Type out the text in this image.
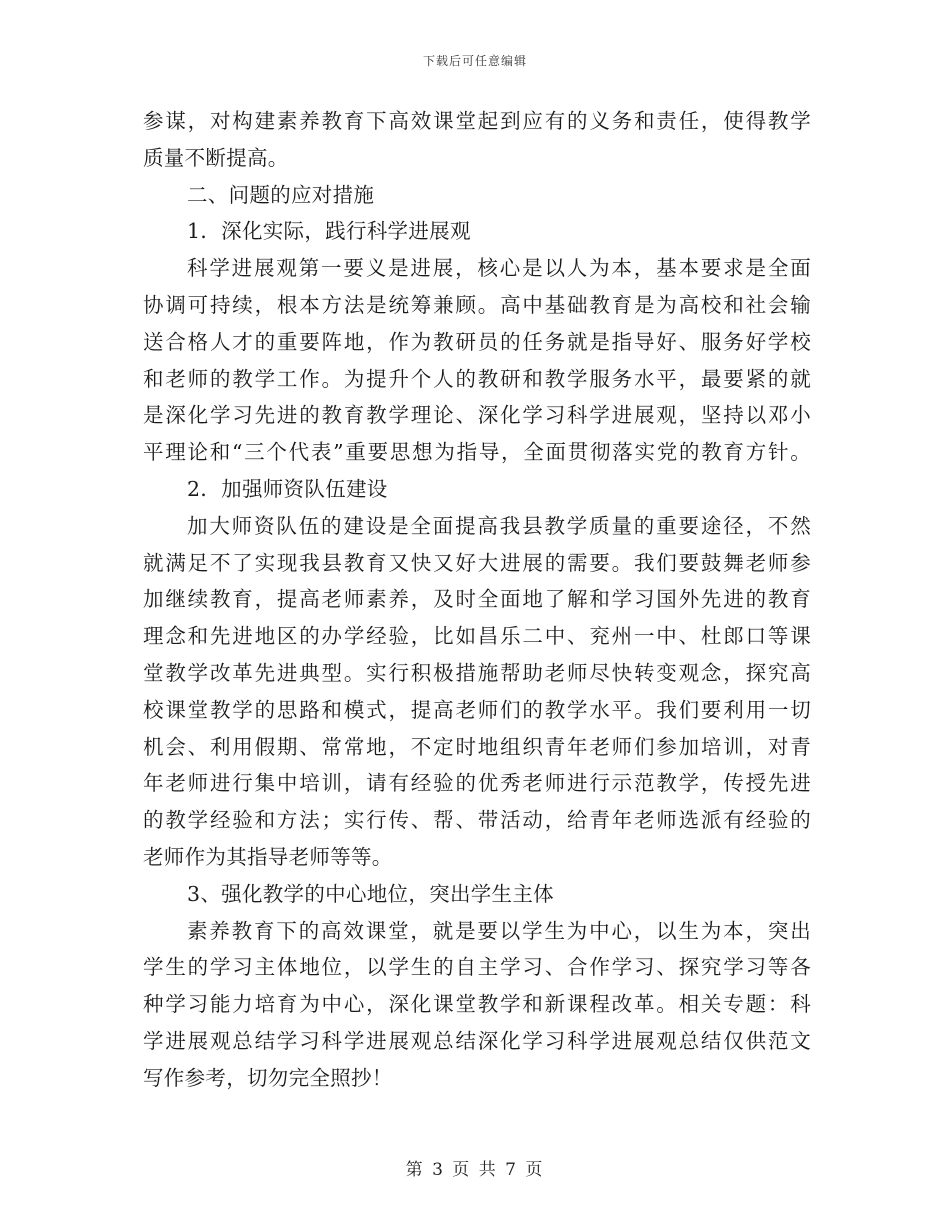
下载后可任意编辑
参谋，对构建素养教育下高效课堂起到应有的义务和责任，使得教学
质量不断提高。
二、问题的应对措施
1．深化实际，践行科学进展观
科学进展观第一要义是进展，核心是以人为本，基本要求是全面
协调可持续，根本方法是统筹兼顾。高中基础教育是为高校和社会输
送合格人才的重要阵地，作为教研员的任务就是指导好、服务好学校
和老师的教学工作。为提升个人的教研和教学服务水平，最要紧的就
是深化学习先进的教育教学理论、深化学习科学进展观，坚持以邓小
平理论和“三个代表”重要思想为指导，全面贯彻落实党的教育方针。
2．加强师资队伍建设
加大师资队伍的建设是全面提高我县教学质量的重要途径，不然
就满足不了实现我县教育又快又好大进展的需要。我们要鼓舞老师参
加继续教育，提高老师素养，及时全面地了解和学习国外先进的教育
理念和先进地区的办学经验，比如昌乐二中、兖州一中、杜郎口等课
堂教学改革先进典型。实行积极措施帮助老师尽快转变观念，探究高
校课堂教学的思路和模式，提高老师们的教学水平。我们要利用一切
机会、利用假期、常常地，不定时地组织青年老师们参加培训，对青
年老师进行集中培训，请有经验的优秀老师进行示范教学，传授先进
的教学经验和方法；实行传、帮、带活动，给青年老师选派有经验的
老师作为其指导老师等等。
3、强化教学的中心地位，突出学生主体
素养教育下的高效课堂，就是要以学生为中心，以生为本，突出
学生的学习主体地位，以学生的自主学习、合作学习、探究学习等各
种学习能力培育为中心，深化课堂教学和新课程改革。相关专题：科
学进展观总结学习科学进展观总结深化学习科学进展观总结仅供范文
写作参考，切勿完全照抄！
第 3 页 共 7 页
